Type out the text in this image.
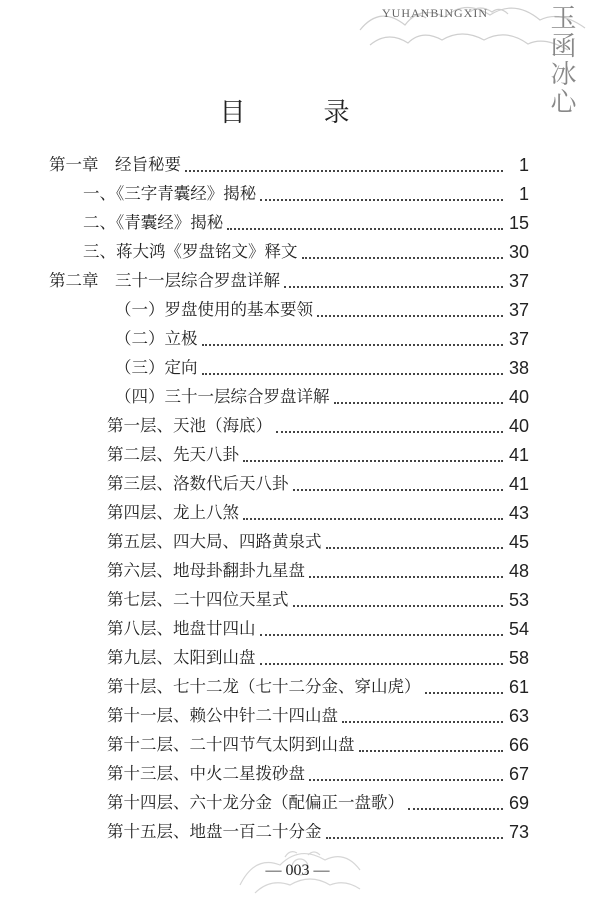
YUHANBINGXIN 玉函冰心
目　录
第一章　经旨秘要	1
一、《三字青囊经》揭秘	1
二、《青囊经》揭秘	15
三、蒋大鸿《罗盘铭文》释文	30
第二章　三十一层综合罗盘详解	37
（一）罗盘使用的基本要领	37
（二）立极	37
（三）定向	38
（四）三十一层综合罗盘详解	40
第一层、天池（海底）	40
第二层、先天八卦	41
第三层、洛数代后天八卦	41
第四层、龙上八煞	43
第五层、四大局、四路黄泉式	45
第六层、地母卦翻卦九星盘	48
第七层、二十四位天星式	53
第八层、地盘廿四山	54
第九层、太阳到山盘	58
第十层、七十二龙（七十二分金、穿山虎）	61
第十一层、赖公中针二十四山盘	63
第十二层、二十四节气太阴到山盘	66
第十三层、中火二星拨砂盘	67
第十四层、六十龙分金（配偏正一盘歌）	69
第十五层、地盘一百二十分金	73
— 003 —
